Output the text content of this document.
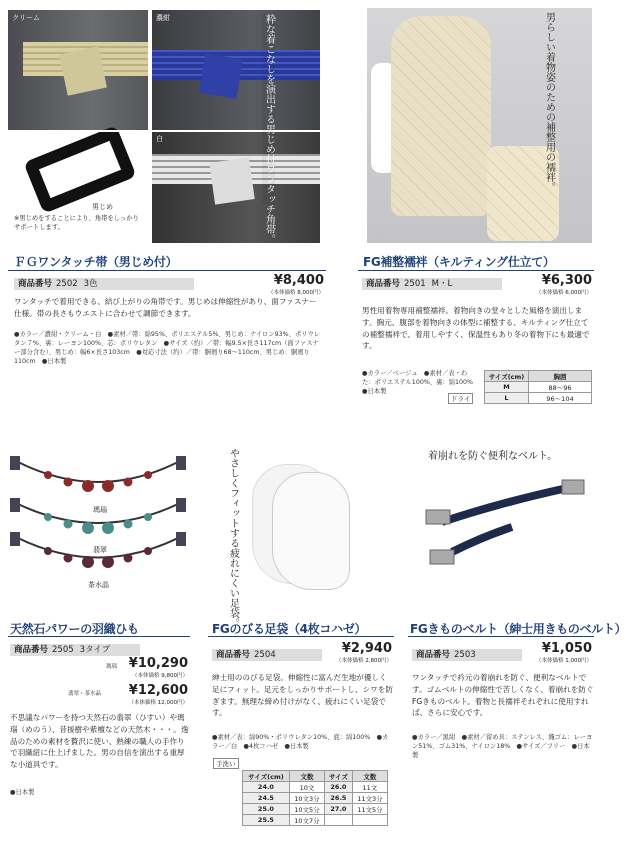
クリーム	濃紺
白
男じめ
※男じめをすることにより、角帯をしっかりサポートします。	粋な着こなしを演出する男じめ付ワンタッチ角帯。	男らしい着物姿のための補整用の襦袢。
ＦＧワンタッチ帯（男じめ付）
商品番号 2502 3色	¥8,400
（本体価格 8,000円）
ワンタッチで着用できる、結び上がりの角帯です。男じめは伸縮性があり、面ファスナー仕様。帯の長さもウエストに合わせて調節できます。
●カラー／濃紺・クリーム・白　●素材／帯：綿95%、ポリエステル5%、男じめ：ナイロン93%、ポリウレタン７%、裏：レーヨン100%、芯：ポリウレタン　●サイズ（約）／帯：幅9.5×長さ117cm（面ファスナー部分含む）、男じめ：幅6×長さ103cm　●対応寸法（約）／帯：胴廻り68〜110cm、男じめ：胴廻り110cm　●日本製
FG補整襦袢（キルティング仕立て）
商品番号 2501 M・L	¥6,300
（本体価格 6,000円）
男性用着物専用補整襦袢。着物向きの堂々とした風格を演出します。胸元、腹部を着物向きの体型に補整する、キルティング仕立ての補整襦袢で、着用しやすく、保温性もあり冬の着物下にも最適です。
●カラー／ベージュ　●素材／表・わた：ポリエステル100%、裏：綿100%　●日本製
ドライ
サイズ(cm)	胸囲
M	88〜96
L	96〜104
瑪瑙
翡翠
茶水晶
天然石パワーの羽織ひも
商品番号 2505 3タイプ
瑪瑙 ¥10,290
（本体価格 9,800円）
翡翠・茶水晶	¥12,600
（本体価格 12,000円）
不思議なパワーを持つ天然石の翡翠（ひすい）や瑪瑙（めのう）、昔援樹や紫檀などの天然木・・・。逸品のための素材を贅沢に使い、熟練の職人の手作りで羽織紐に仕上げました。男の自信を演出する重厚な小道具です。
●日本製
やさしくフィットする疲れにくい足袋。
FGのびる足袋（4枚コハゼ）
商品番号 2504	¥2,940
（本体価格 2,800円）
紳士用ののびる足袋。伸縮性に富んだ生地が優しく足にフィット。足元をしっかりサポートし、シワを防ぎます。無理な締め付けがなく、疲れにくい足袋です。
●素材／表：綿90%・ポリウレタン10%、底：綿100%　●カラー／白　●4枚コハゼ　●日本製
手洗い
サイズ(cm)	文数	サイズ	文数
24.0	10文	26.0	11文
24.5	10文3分	26.5	11文3分
25.0	10文5分	27.0	11文5分
25.5	10文7分		
着崩れを防ぐ便利なベルト。
FGきものベルト（紳士用きものベルト）
商品番号 2503	¥1,050
（本体価格 1,000円）
ワンタッチで衿元の着崩れを防ぐ、便利なベルトです。ゴムベルトの伸縮性で苦しくなく、着崩れを防ぐFGきものベルト。着物と長襦袢それぞれに使用すれば、さらに安心です。
●カラー／黒紺　●素材／留め具：ステンレス、織ゴム：レーヨン51%、ゴム31%、ナイロン18%　●サイズ／フリー　●日本製
